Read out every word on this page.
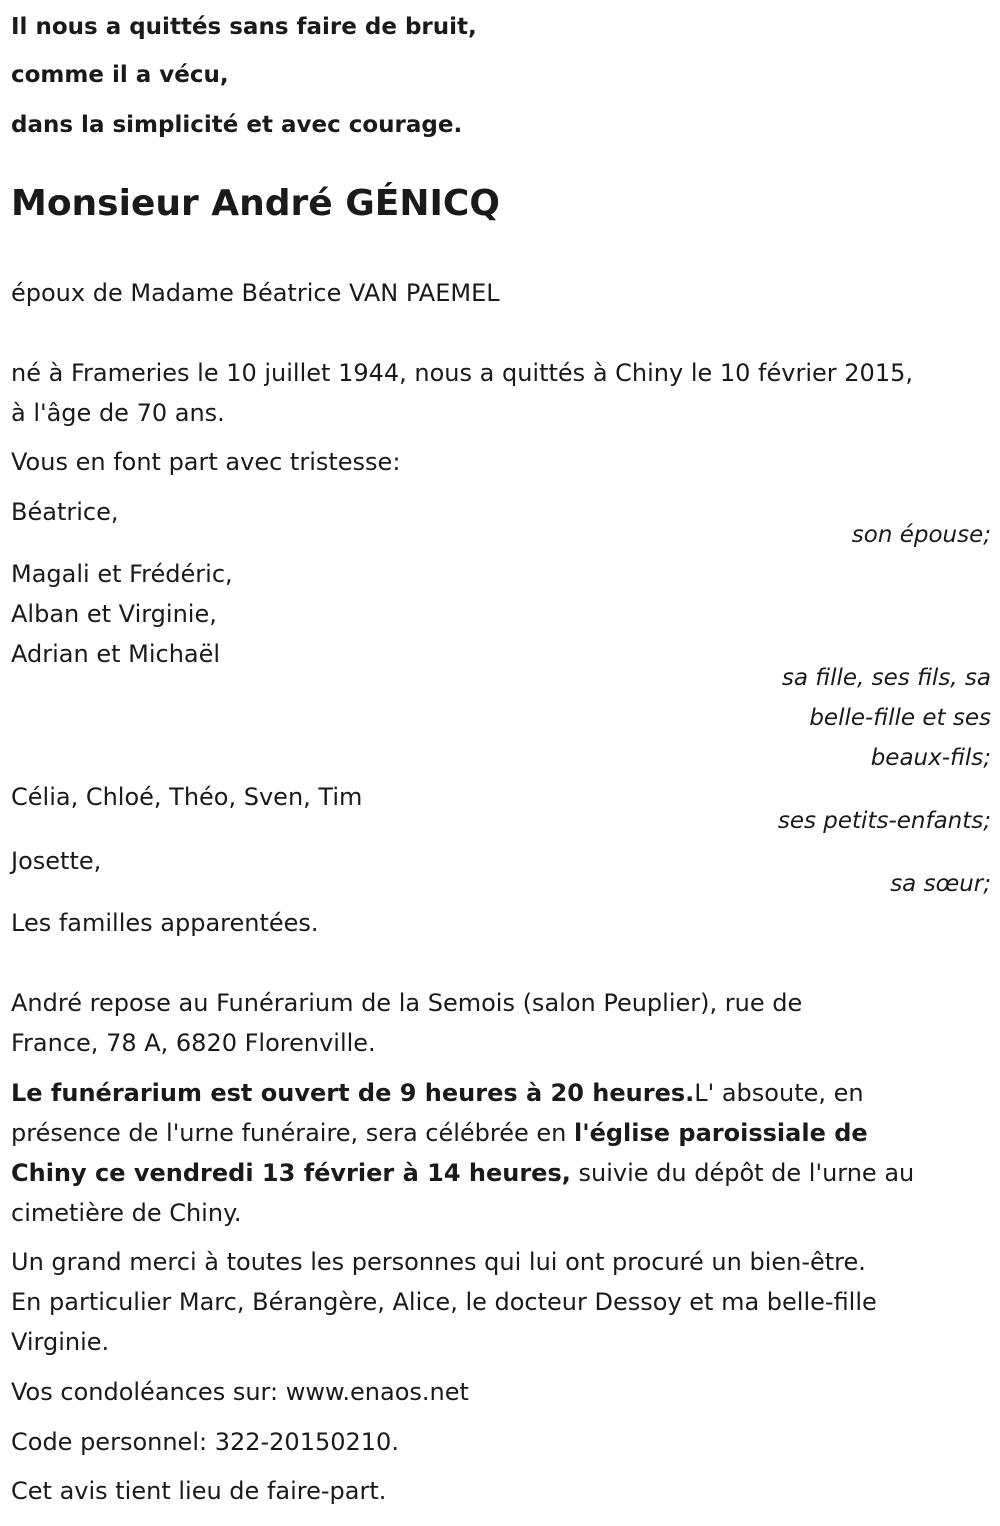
Il nous a quittés sans faire de bruit,
comme il a vécu,
dans la simplicité et avec courage.
Monsieur André GÉNICQ
époux de Madame Béatrice VAN PAEMEL
né à Frameries le 10 juillet 1944, nous a quittés à Chiny le 10 février 2015,
à l'âge de 70 ans.
Vous en font part avec tristesse:
Béatrice,
son épouse;
Magali et Frédéric,
Alban et Virginie,
Adrian et Michaël
sa fille, ses fils, sa
belle-fille et ses
beaux-fils;
Célia, Chloé, Théo, Sven, Tim
ses petits-enfants;
Josette,
sa sœur;
Les familles apparentées.
André repose au Funérarium de la Semois (salon Peuplier), rue de
France, 78 A, 6820 Florenville.
Le funérarium est ouvert de 9 heures à 20 heures.L' absoute, en
présence de l'urne funéraire, sera célébrée en l'église paroissiale de
Chiny ce vendredi 13 février à 14 heures, suivie du dépôt de l'urne au
cimetière de Chiny.
Un grand merci à toutes les personnes qui lui ont procuré un bien-être.
En particulier Marc, Bérangère, Alice, le docteur Dessoy et ma belle-fille
Virginie.
Vos condoléances sur: www.enaos.net
Code personnel: 322-20150210.
Cet avis tient lieu de faire-part.
